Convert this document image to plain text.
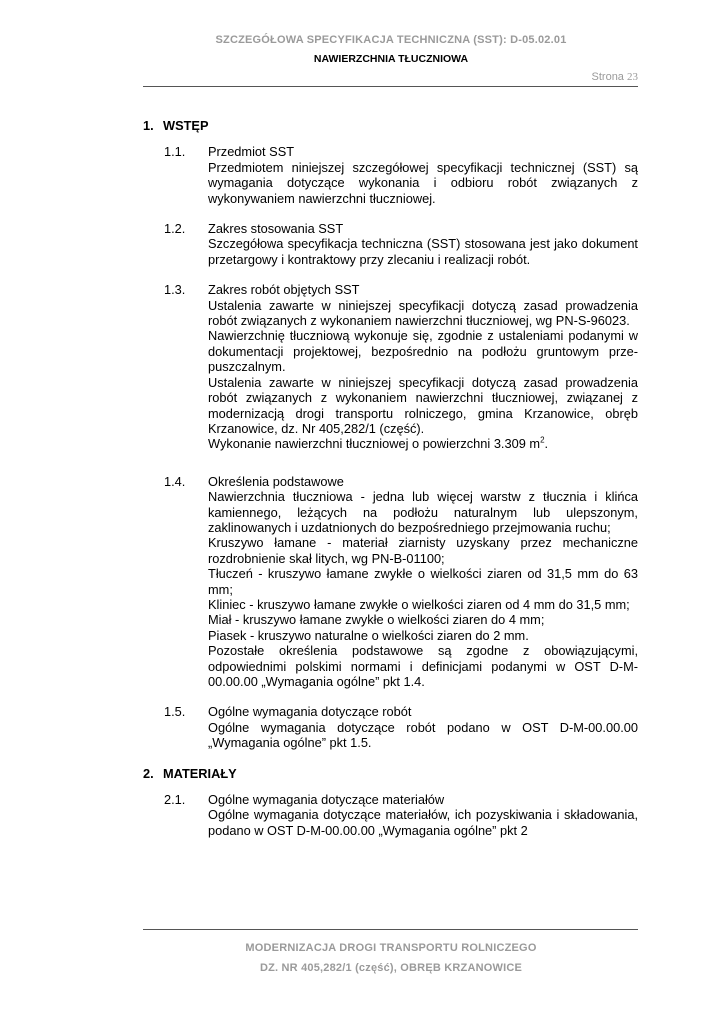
SZCZEGÓŁOWA SPECYFIKACJA TECHNICZNA (SST): D-05.02.01
NAWIERZCHNIA TŁUCZNIOWA
Strona 23
1. WSTĘP
1.1.	Przedmiot SST
Przedmiotem niniejszej szczegółowej specyfikacji technicznej (SST) są wymagania dotyczące wykonania i odbioru robót związanych z wykonywaniem nawierzchni tłuczniowej.
1.2.	Zakres stosowania SST
Szczegółowa specyfikacja techniczna (SST) stosowana jest jako dokument przetargowy i kontraktowy przy zlecaniu i realizacji robót.
1.3.	Zakres robót objętych SST
Ustalenia zawarte w niniejszej specyfikacji dotyczą zasad prowadzenia robót związanych z wykonaniem nawierzchni tłuczniowej, wg PN-S-96023.
Nawierzchnię tłuczniową wykonuje się, zgodnie z ustaleniami podanymi w dokumentacji projektowej, bezpośrednio na podłożu gruntowym prze-puszczalnym.
Ustalenia zawarte w niniejszej specyfikacji dotyczą zasad prowadzenia robót związanych z wykonaniem nawierzchni tłuczniowej, związanej z modernizacją drogi transportu rolniczego, gmina Krzanowice, obręb Krzanowice, dz. Nr 405,282/1 (część).
Wykonanie nawierzchni tłuczniowej o powierzchni 3.309 $m^2$.
1.4.	Określenia podstawowe
Nawierzchnia tłuczniowa - jedna lub więcej warstw z tłucznia i klińca kamiennego, leżących na podłożu naturalnym lub ulepszonym, zaklinowanych i uzdatnionych do bezpośredniego przejmowania ruchu;
Kruszywo łamane - materiał ziarnisty uzyskany przez mechaniczne rozdrobnienie skał litych, wg PN-B-01100;
Tłuczeń - kruszywo łamane zwykłe o wielkości ziaren od 31,5 mm do 63 mm;
Kliniec - kruszywo łamane zwykłe o wielkości ziaren od 4 mm do 31,5 mm;
Miał - kruszywo łamane zwykłe o wielkości ziaren do 4 mm;
Piasek - kruszywo naturalne o wielkości ziaren do 2 mm.
Pozostałe określenia podstawowe są zgodne z obowiązującymi, odpowiednimi polskimi normami i definicjami podanymi w OST D-M-00.00.00 „Wymagania ogólne” pkt 1.4.
1.5.	Ogólne wymagania dotyczące robót
Ogólne wymagania dotyczące robót podano w OST D-M-00.00.00 „Wymagania ogólne” pkt 1.5.
2. MATERIAŁY
2.1.	Ogólne wymagania dotyczące materiałów
Ogólne wymagania dotyczące materiałów, ich pozyskiwania i składowania, podano w OST D-M-00.00.00 „Wymagania ogólne” pkt 2
MODERNIZACJA DROGI TRANSPORTU ROLNICZEGO
DZ. NR 405,282/1 (część), OBRĘB KRZANOWICE
